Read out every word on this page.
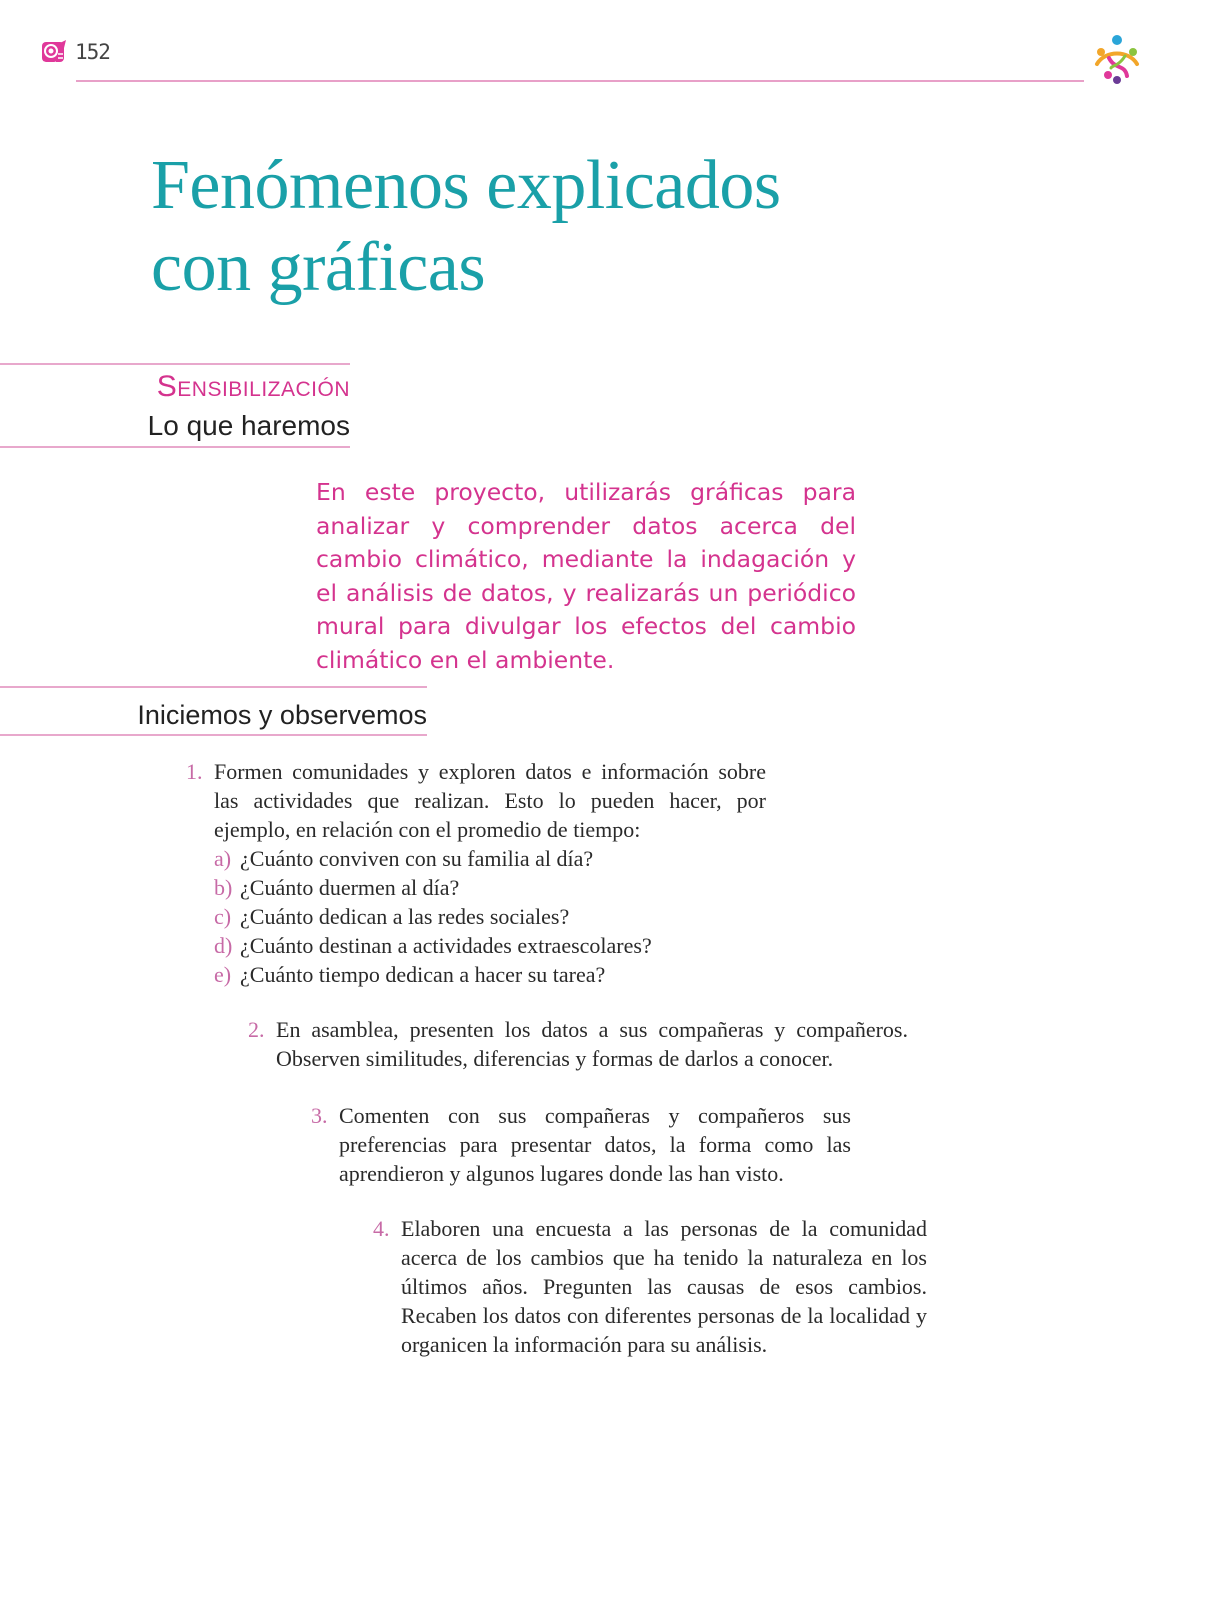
152
Fenómenos explicados
con gráficas
Sensibilización
Lo que haremos

En este proyecto, utilizarás gráficas para analizar y comprender datos acerca del cambio climático, mediante la indagación y el análisis de datos, y realizarás un periódico mural para divulgar los efectos del cambio climático en el ambiente.

Iniciemos y observemos
1. Formen comunidades y exploren datos e información sobre las actividades que realizan. Esto lo pueden hacer, por ejemplo, en relación con el promedio de tiempo:

a) ¿Cuánto conviven con su familia al día?
b) ¿Cuánto duermen al día?
c) ¿Cuánto dedican a las redes sociales?
d) ¿Cuánto destinan a actividades extraescolares?
e) ¿Cuánto tiempo dedican a hacer su tarea?
2. En asamblea, presenten los datos a sus compañeras y compañeros. Observen similitudes, diferencias y formas de darlos a conocer.

3. Comenten con sus compañeras y compañeros sus preferencias para presentar datos, la forma como las aprendieron y algunos lugares donde las han visto.

4. Elaboren una encuesta a las personas de la comunidad acerca de los cambios que ha tenido la naturaleza en los últimos años. Pregunten las causas de esos cambios. Recaben los datos con diferentes personas de la localidad y organicen la información para su análisis.
